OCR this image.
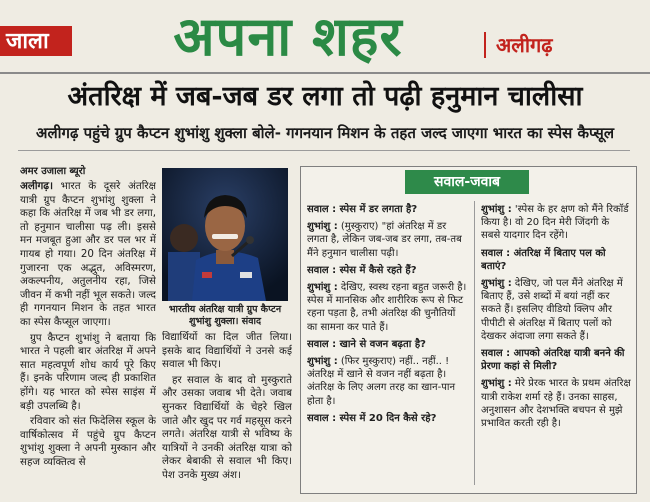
जाला	अपना शहर	अलीगढ़
अंतरिक्ष में जब-जब डर लगा तो पढ़ी हनुमान चालीसा
अलीगढ़ पहुंचे ग्रुप कैप्टन शुभांशु शुक्ला बोले- गगनयान मिशन के तहत जल्द जाएगा भारत का स्पेस कैप्सूल
अमर उजाला ब्यूरो

अलीगढ़। भारत के दूसरे अंतरिक्ष यात्री ग्रुप कैप्टन शुभांशु शुक्ला ने कहा कि अंतरिक्ष में जब भी डर लगा, तो हनुमान चालीसा पढ़ ली। इससे मन मजबूत हुआ और डर पल भर में गायब हो गया। 20 दिन अंतरिक्ष में गुजारना एक अद्भुत, अविस्मरण, अकल्पनीय, अतुलनीय रहा, जिसे जीवन में कभी नहीं भूल सकते। जल्द ही गगनयान मिशन के तहत भारत का स्पेस कैप्सूल जाएगा।

ग्रुप कैप्टन शुभांशु ने बताया कि भारत ने पहली बार अंतरिक्ष में अपने सात महत्वपूर्ण शोध कार्य पूरे किए हैं। इनके परिणाम जल्द ही प्रकाशित होंगे। यह भारत को स्पेस साइंस में बड़ी उपलब्धि है।

रविवार को संत फिदेलिस स्कूल के वार्षिकोत्सव में पहुंचे ग्रुप कैप्टन शुभांशु शुक्ला ने अपनी मुस्कान और सहज व्यक्तित्व से

भारतीय अंतरिक्ष यात्री ग्रुप कैप्टन शुभांशु शुक्ला। संवाद

विद्यार्थियों का दिल जीत लिया। इसके बाद विद्यार्थियों ने उनसे कई सवाल भी किए।

हर सवाल के बाद वो मुस्कुराते और उसका जवाब भी देते। जवाब सुनकर विद्यार्थियों के चेहरे खिल जाते और खुद पर गर्व महसूस करने लगते। अंतरिक्ष यात्री से भविष्य के यात्रियों ने उनकी अंतरिक्ष यात्रा को लेकर बेबाकी से सवाल भी किए। पेश उनके मुख्य अंश।

सवाल-जवाब
सवाल : स्पेस में डर लगता है?
शुभांशु : (मुस्कुराए) "हां अंतरिक्ष में डर लगता है, लेकिन जब-जब डर लगा, तब-तब मैंने हनुमान चालीसा पढ़ी।
सवाल : स्पेस में कैसे रहते हैं?
शुभांशु : देखिए, स्वस्थ रहना बहुत जरूरी है। स्पेस में मानसिक और शारीरिक रूप से फिट रहना पड़ता है, तभी अंतरिक्ष की चुनौतियों का सामना कर पाते हैं।
सवाल : खाने से वजन बढ़ता है?
शुभांशु : (फिर मुस्कुराए) नहीं.. नहीं.. ! अंतरिक्ष में खाने से वजन नहीं बढ़ता है। अंतरिक्ष के लिए अलग तरह का खान-पान होता है।
सवाल : स्पेस में 20 दिन कैसे रहे?
शुभांशु : 'स्पेस के हर क्षण को मैंने रिकॉर्ड किया है। वो 20 दिन मेरी जिंदगी के सबसे यादगार दिन रहेंगे।
सवाल : अंतरिक्ष में बिताए पल को बताएं?
शुभांशु : देखिए, जो पल मैंने अंतरिक्ष में बिताए हैं, उसे शब्दों में बयां नहीं कर सकते हैं। इसलिए वीडियो क्लिप और पीपीटी से अंतरिक्ष में बिताए पलों को देखकर अंदाजा लगा सकते हैं।
सवाल : आपको अंतरिक्ष यात्री बनने की प्रेरणा कहां से मिली?
शुभांशु : मेरे प्रेरक भारत के प्रथम अंतरिक्ष यात्री राकेश शर्मा रहे हैं। उनका साहस, अनुशासन और देशभक्ति बचपन से मुझे प्रभावित करती रही है।
